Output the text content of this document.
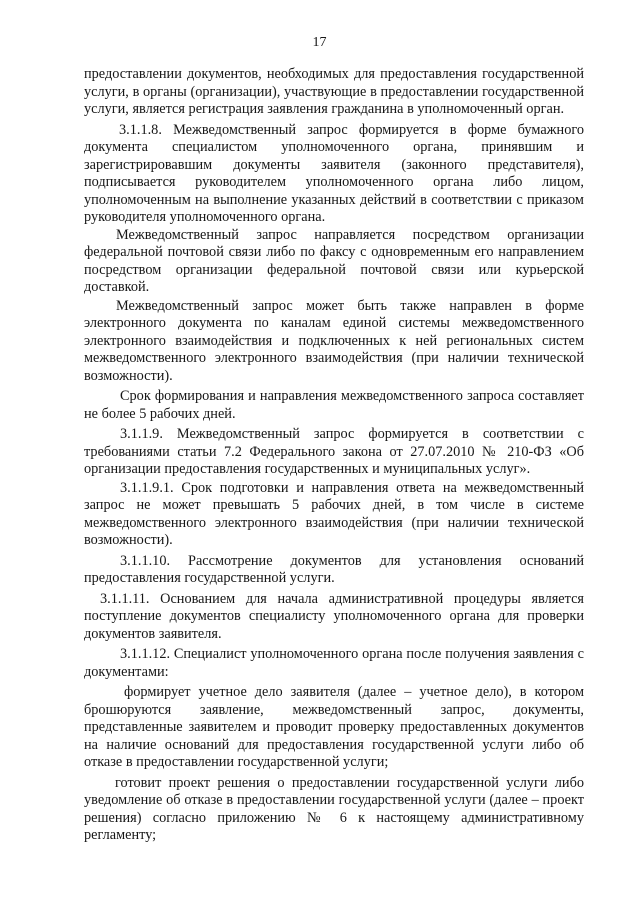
17

предоставлении документов, необходимых для предоставления государственной услуги, в органы (организации), участвующие в предоставлении государственной услуги, является регистрация заявления гражданина в уполномоченный орган.

3.1.1.8. Межведомственный запрос формируется в форме бумажного документа специалистом уполномоченного органа, принявшим и зарегистрировавшим документы заявителя (законного представителя), подписывается руководителем уполномоченного органа либо лицом, уполномоченным на выполнение указанных действий в соответствии с приказом руководителя уполномоченного органа.

Межведомственный запрос направляется посредством организации федеральной почтовой связи либо по факсу с одновременным его направлением посредством организации федеральной почтовой связи или курьерской доставкой.

Межведомственный запрос может быть также направлен в форме электронного документа по каналам единой системы межведомственного электронного взаимодействия и подключенных к ней региональных систем межведомственного электронного взаимодействия (при наличии технической возможности).

Срок формирования и направления межведомственного запроса составляет не более 5 рабочих дней.

3.1.1.9. Межведомственный запрос формируется в соответствии с требованиями статьи 7.2 Федерального закона от 27.07.2010 № 210-ФЗ «Об организации предоставления государственных и муниципальных услуг».

3.1.1.9.1. Срок подготовки и направления ответа на межведомственный запрос не может превышать 5 рабочих дней, в том числе в системе межведомственного электронного взаимодействия (при наличии технической возможности).

3.1.1.10. Рассмотрение документов для установления оснований предоставления государственной услуги.

3.1.1.11. Основанием для начала административной процедуры является поступление документов специалисту уполномоченного органа для проверки документов заявителя.

3.1.1.12. Специалист уполномоченного органа после получения заявления с документами:

формирует учетное дело заявителя (далее – учетное дело), в котором брошюруются заявление, межведомственный запрос, документы, представленные заявителем и проводит проверку предоставленных документов на наличие оснований для предоставления государственной услуги либо об отказе в предоставлении государственной услуги;

готовит проект решения о предоставлении государственной услуги либо уведомление об отказе в предоставлении государственной услуги (далее – проект решения) согласно приложению № 6 к настоящему административному регламенту;
